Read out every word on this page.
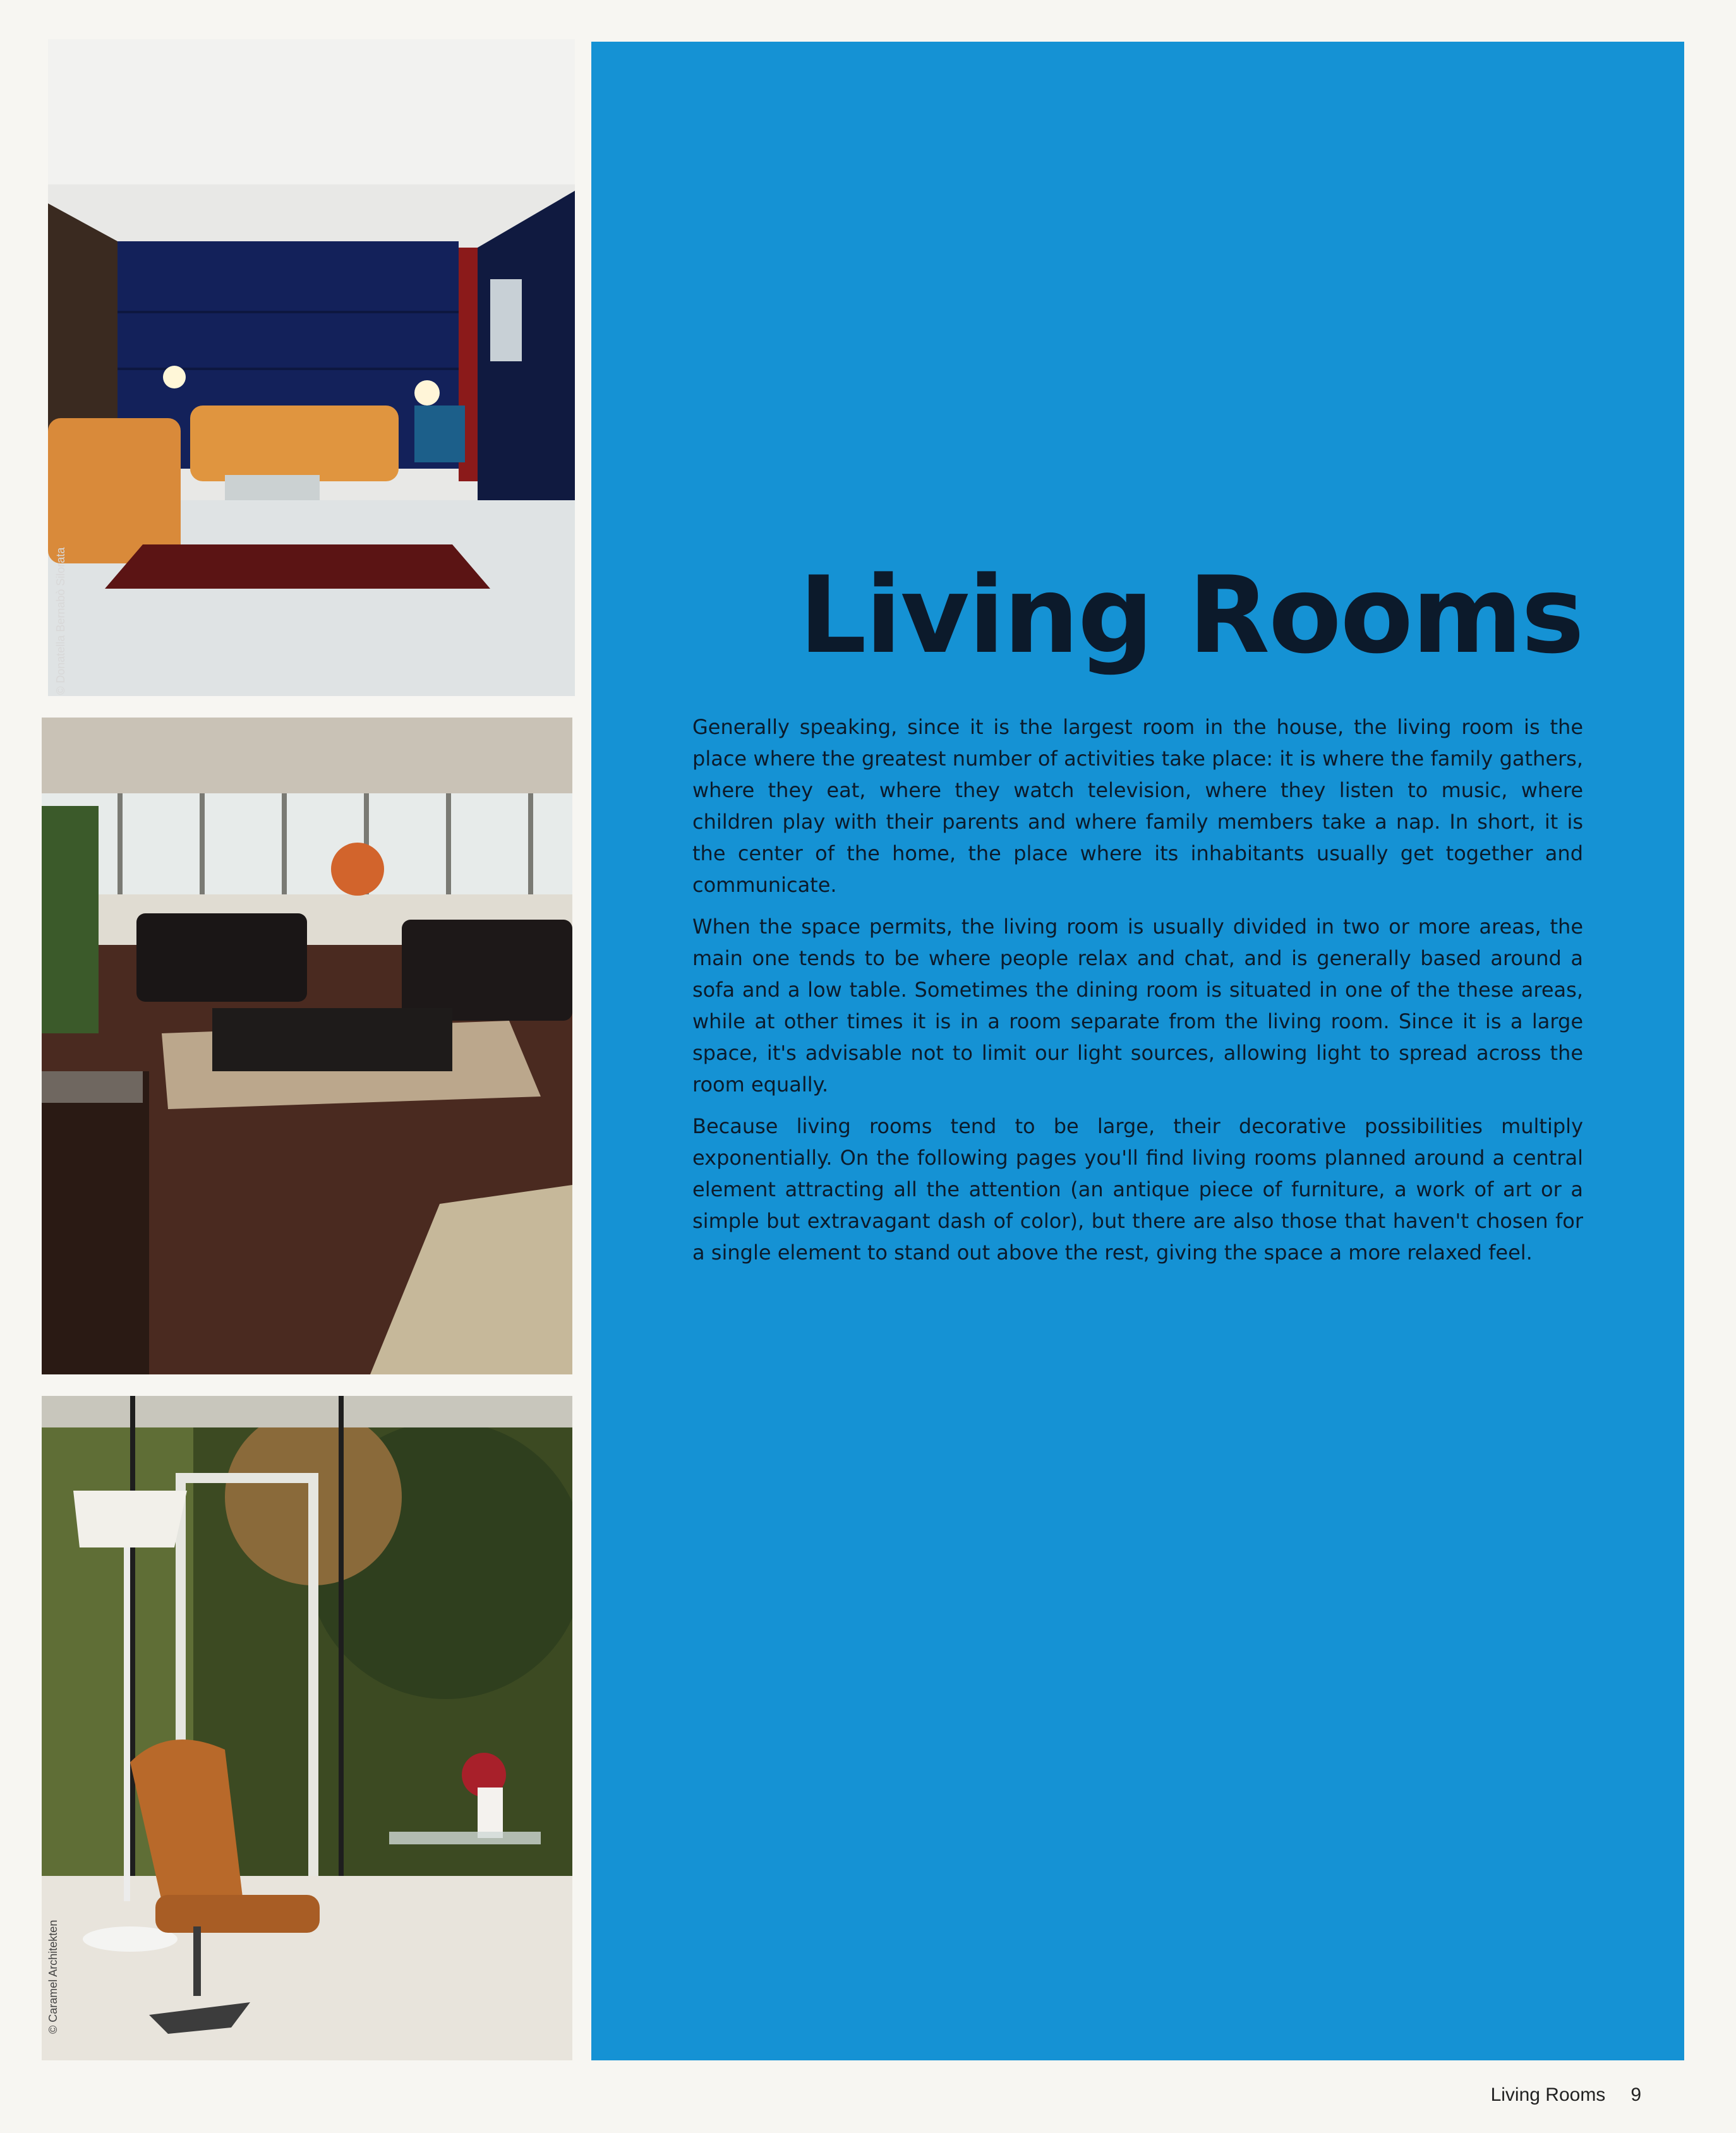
© Donatella Bernabò Silorata
© Caramel Architekten
Living Rooms

Generally speaking, since it is the largest room in the house, the living room is the place where the greatest number of activities take place: it is where the family gathers, where they eat, where they watch television, where they listen to music, where children play with their parents and where family members take a nap. In short, it is the center of the home, the place where its inhabitants usually get together and communicate.

When the space permits, the living room is usually divided in two or more areas, the main one tends to be where people relax and chat, and is generally based around a sofa and a low table. Sometimes the dining room is situated in one of the these areas, while at other times it is in a room separate from the living room. Since it is a large space, it's advisable not to limit our light sources, allowing light to spread across the room equally.

Because living rooms tend to be large, their decorative possibilities multiply exponentially. On the following pages you'll find living rooms planned around a central element attracting all the attention (an antique piece of furniture, a work of art or a simple but extravagant dash of color), but there are also those that haven't chosen for a single element to stand out above the rest, giving the space a more relaxed feel.

Living Rooms 9
